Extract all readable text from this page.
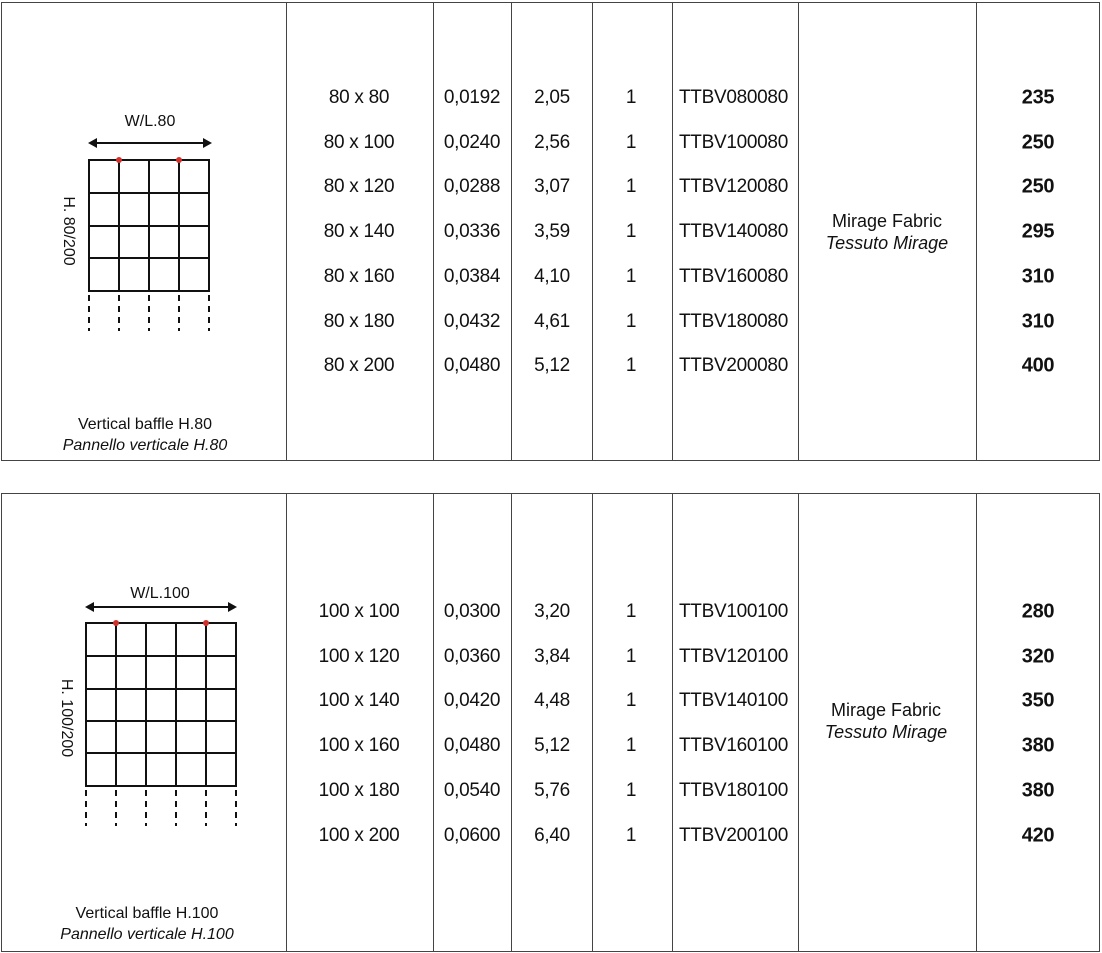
W/L.80
H. 80/200
Vertical baffle H.80
Pannello verticale H.80
Mirage Fabric
Tessuto Mirage
80 x 80	0,0192 2,05	1 TTBV080080	235
80 x 100	0,0240 2,56	1 TTBV100080	250
80 x 120	0,0288 3,07	1 TTBV120080	250
80 x 140	0,0336 3,59	1 TTBV140080	295
80 x 160	0,0384 4,10	1 TTBV160080	310
80 x 180	0,0432 4,61	1 TTBV180080	310
80 x 200	0,0480 5,12	1 TTBV200080	400
W/L.100
H. 100/200
Vertical baffle H.100
Pannello verticale H.100
Mirage Fabric
Tessuto Mirage
100 x 100 0,0300 3,20	1 TTBV100100	280
100 x 120 0,0360 3,84	1 TTBV120100	320
100 x 140 0,0420 4,48	1 TTBV140100	350
100 x 160 0,0480 5,12	1 TTBV160100	380
100 x 180 0,0540 5,76	1 TTBV180100	380
100 x 200 0,0600 6,40	1 TTBV200100	420
